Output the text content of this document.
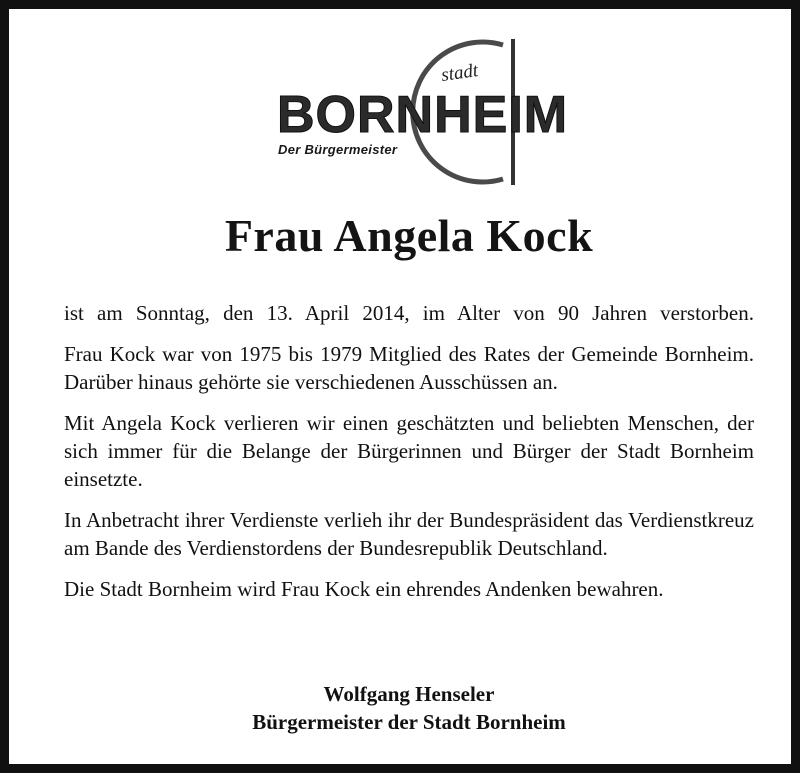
BORNHEIM
stadt
Der Bürgermeister
Frau Angela Kock

ist am Sonntag, den 13. April 2014, im Alter von 90 Jahren verstorben.

Frau Kock war von 1975 bis 1979 Mitglied des Rates der Gemeinde Bornheim. Darüber hinaus gehörte sie verschiedenen Ausschüssen an.

Mit Angela Kock verlieren wir einen geschätzten und beliebten Menschen, der sich immer für die Belange der Bürgerinnen und Bürger der Stadt Bornheim einsetzte.

In Anbetracht ihrer Verdienste verlieh ihr der Bundespräsident das Verdienstkreuz am Bande des Verdienstordens der Bundesrepublik Deutschland.

Die Stadt Bornheim wird Frau Kock ein ehrendes Andenken bewahren.

Wolfgang Henseler
Bürgermeister der Stadt Bornheim
